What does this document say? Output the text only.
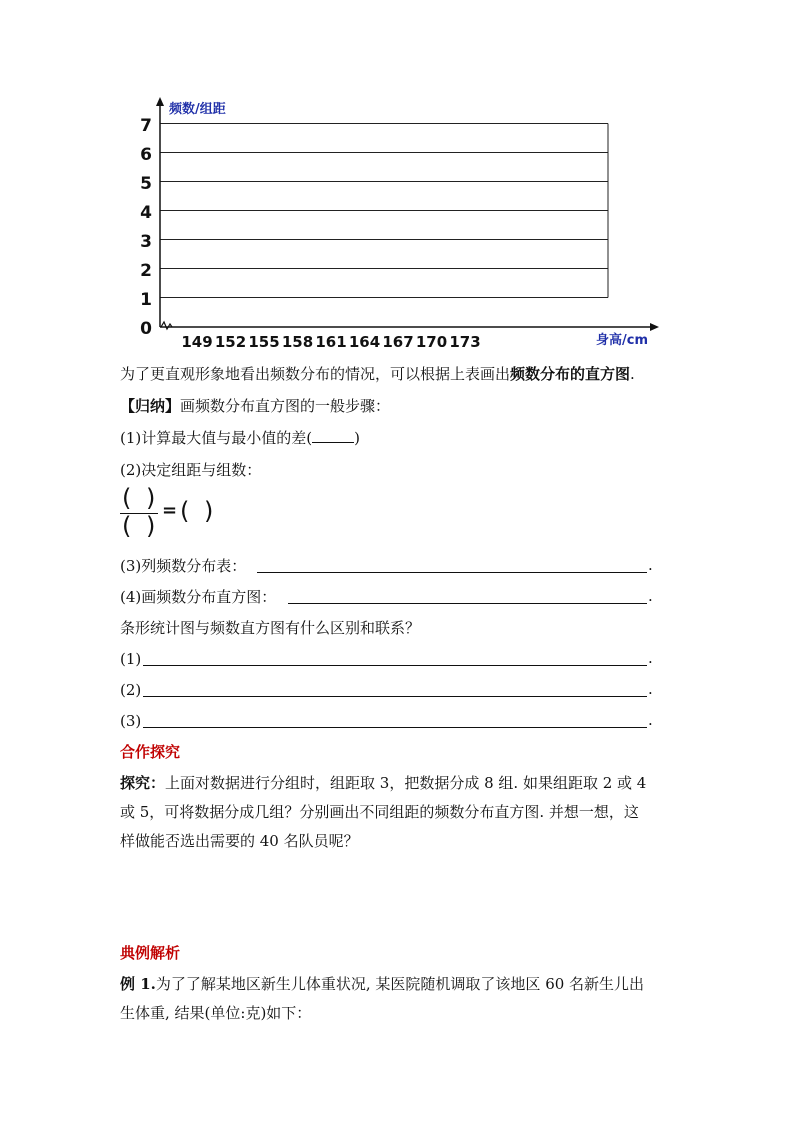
0
1
2
3
4
5
6
7
149 152 155 158 161 164 167 170 173
频数/组距
身高/cm
为了更直观形象地看出频数分布的情况，可以根据上表画出频数分布的直方图.
【归纳】画频数分布直方图的一般步骤：
(1)计算最大值与最小值的差(	)
(2)决定组距与组数：
( )
( )
= ( )
(3)列频数分布表：	.
(4)画频数分布直方图：	.
条形统计图与频数直方图有什么区别和联系？
(1)	.
(2)	.
(3)	.
合作探究
探究：上面对数据进行分组时，组距取 3，把数据分成 8 组. 如果组距取 2 或 4
或 5，可将数据分成几组？分别画出不同组距的频数分布直方图. 并想一想，这
样做能否选出需要的 40 名队员呢？
典例解析
例 1.为了了解某地区新生儿体重状况, 某医院随机调取了该地区 60 名新生儿出
生体重, 结果(单位:克)如下：
